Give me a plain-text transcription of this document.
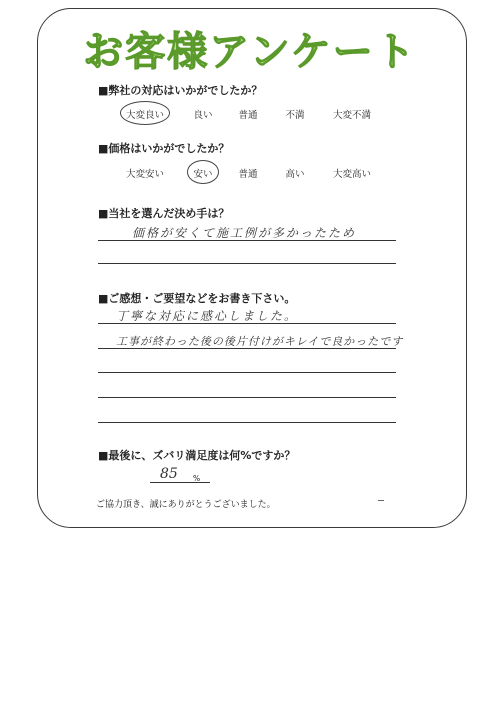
お客様アンケート
■弊社の対応はいかがでしたか？
大変良い	良い	普通	不満	大変不満
■価格はいかがでしたか？
大変安い	安い	普通	高い	大変高い
■当社を選んだ決め手は？
価格が安くて施工例が多かったため
■ご感想・ご要望などをお書き下さい。
丁寧な対応に感心しました。
工事が終わった後の後片付けがキレイで良かったです
■最後に、ズバリ満足度は何%ですか？
85 %
ご協力頂き、誠にありがとうございました。
